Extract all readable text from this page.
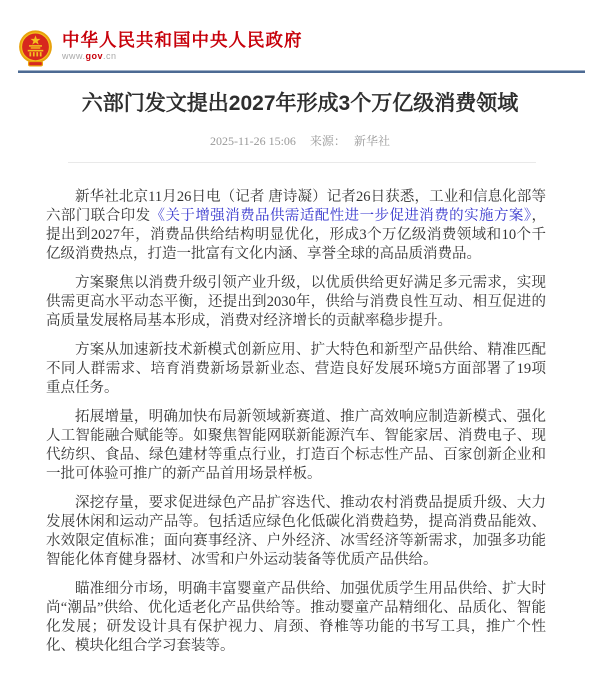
中华人民共和国中央人民政府
www.gov.cn
六部门发文提出2027年形成3个万亿级消费领域
2025-11-26 15:06 来源： 新华社

新华社北京11月26日电（记者 唐诗凝）记者26日获悉，工业和信息化部等六部门联合印发《关于增强消费品供需适配性进一步促进消费的实施方案》，提出到2027年，消费品供给结构明显优化，形成3个万亿级消费领域和10个千亿级消费热点，打造一批富有文化内涵、享誉全球的高品质消费品。

方案聚焦以消费升级引领产业升级，以优质供给更好满足多元需求，实现供需更高水平动态平衡，还提出到2030年，供给与消费良性互动、相互促进的高质量发展格局基本形成，消费对经济增长的贡献率稳步提升。

方案从加速新技术新模式创新应用、扩大特色和新型产品供给、精准匹配不同人群需求、培育消费新场景新业态、营造良好发展环境5方面部署了19项重点任务。

拓展增量，明确加快布局新领域新赛道、推广高效响应制造新模式、强化人工智能融合赋能等。如聚焦智能网联新能源汽车、智能家居、消费电子、现代纺织、食品、绿色建材等重点行业，打造百个标志性产品、百家创新企业和一批可体验可推广的新产品首用场景样板。

深挖存量，要求促进绿色产品扩容迭代、推动农村消费品提质升级、大力发展休闲和运动产品等。包括适应绿色化低碳化消费趋势，提高消费品能效、水效限定值标准；面向赛事经济、户外经济、冰雪经济等新需求，加强多功能智能化体育健身器材、冰雪和户外运动装备等优质产品供给。

瞄准细分市场，明确丰富婴童产品供给、加强优质学生用品供给、扩大时尚“潮品”供给、优化适老化产品供给等。推动婴童产品精细化、品质化、智能化发展；研发设计具有保护视力、肩颈、脊椎等功能的书写工具，推广个性化、模块化组合学习套装等。
